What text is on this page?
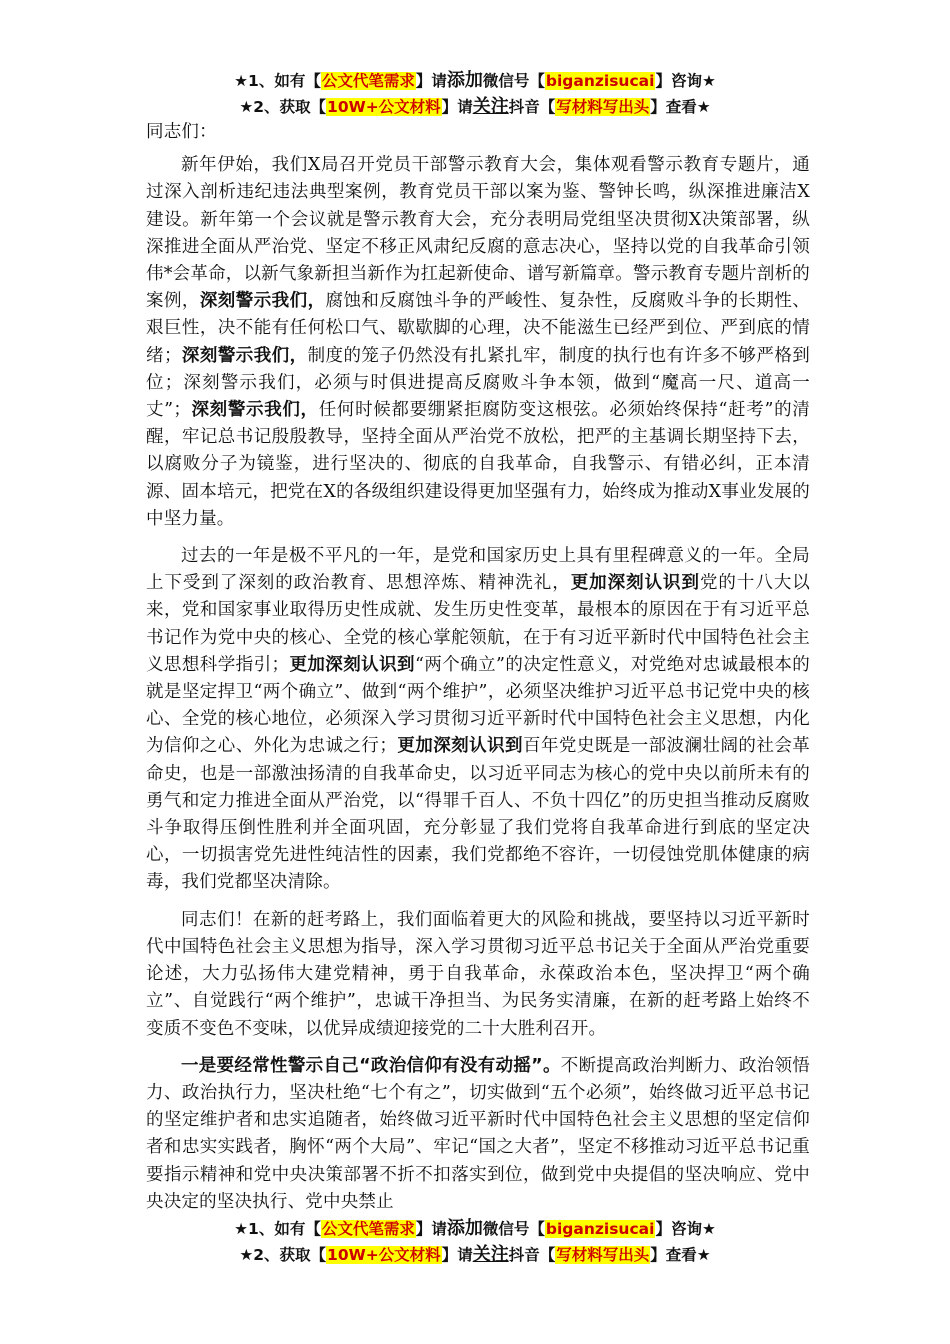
★1、如有【公文代笔需求】请添加微信号【biganzisucai】咨询★
★2、获取【10W+公文材料】请关注抖音【写材料写出头】查看★

同志们：

新年伊始，我们X局召开党员干部警示教育大会，集体观看警示教育专题片，通过深入剖析违纪违法典型案例，教育党员干部以案为鉴、警钟长鸣，纵深推进廉洁X建设。新年第一个会议就是警示教育大会，充分表明局党组坚决贯彻X决策部署，纵深推进全面从严治党、坚定不移正风肃纪反腐的意志决心，坚持以党的自我革命引领伟*会革命，以新气象新担当新作为扛起新使命、谱写新篇章。警示教育专题片剖析的案例，深刻警示我们，腐蚀和反腐蚀斗争的严峻性、复杂性，反腐败斗争的长期性、艰巨性，决不能有任何松口气、歇歇脚的心理，决不能滋生已经严到位、严到底的情绪；深刻警示我们，制度的笼子仍然没有扎紧扎牢，制度的执行也有许多不够严格到位；深刻警示我们，必须与时俱进提高反腐败斗争本领，做到“魔高一尺、道高一丈”；深刻警示我们，任何时候都要绷紧拒腐防变这根弦。必须始终保持“赶考”的清醒，牢记总书记殷殷教导，坚持全面从严治党不放松，把严的主基调长期坚持下去，以腐败分子为镜鉴，进行坚决的、彻底的自我革命，自我警示、有错必纠，正本清源、固本培元，把党在X的各级组织建设得更加坚强有力，始终成为推动X事业发展的中坚力量。

过去的一年是极不平凡的一年，是党和国家历史上具有里程碑意义的一年。全局上下受到了深刻的政治教育、思想淬炼、精神洗礼，更加深刻认识到党的十八大以来，党和国家事业取得历史性成就、发生历史性变革，最根本的原因在于有习近平总书记作为党中央的核心、全党的核心掌舵领航，在于有习近平新时代中国特色社会主义思想科学指引；更加深刻认识到“两个确立”的决定性意义，对党绝对忠诚最根本的就是坚定捍卫“两个确立”、做到“两个维护”，必须坚决维护习近平总书记党中央的核心、全党的核心地位，必须深入学习贯彻习近平新时代中国特色社会主义思想，内化为信仰之心、外化为忠诚之行；更加深刻认识到百年党史既是一部波澜壮阔的社会革命史，也是一部激浊扬清的自我革命史，以习近平同志为核心的党中央以前所未有的勇气和定力推进全面从严治党，以“得罪千百人、不负十四亿”的历史担当推动反腐败斗争取得压倒性胜利并全面巩固，充分彰显了我们党将自我革命进行到底的坚定决心，一切损害党先进性纯洁性的因素，我们党都绝不容许，一切侵蚀党肌体健康的病毒，我们党都坚决清除。

同志们！在新的赶考路上，我们面临着更大的风险和挑战，要坚持以习近平新时代中国特色社会主义思想为指导，深入学习贯彻习近平总书记关于全面从严治党重要论述，大力弘扬伟大建党精神，勇于自我革命，永葆政治本色，坚决捍卫“两个确立”、自觉践行“两个维护”，忠诚干净担当、为民务实清廉，在新的赶考路上始终不变质不变色不变味，以优异成绩迎接党的二十大胜利召开。

一是要经常性警示自己“政治信仰有没有动摇”。不断提高政治判断力、政治领悟力、政治执行力，坚决杜绝“七个有之”，切实做到“五个必须”，始终做习近平总书记的坚定维护者和忠实追随者，始终做习近平新时代中国特色社会主义思想的坚定信仰者和忠实实践者，胸怀“两个大局”、牢记“国之大者”，坚定不移推动习近平总书记重要指示精神和党中央决策部署不折不扣落实到位，做到党中央提倡的坚决响应、党中央决定的坚决执行、党中央禁止

★1、如有【公文代笔需求】请添加微信号【biganzisucai】咨询★
★2、获取【10W+公文材料】请关注抖音【写材料写出头】查看★
